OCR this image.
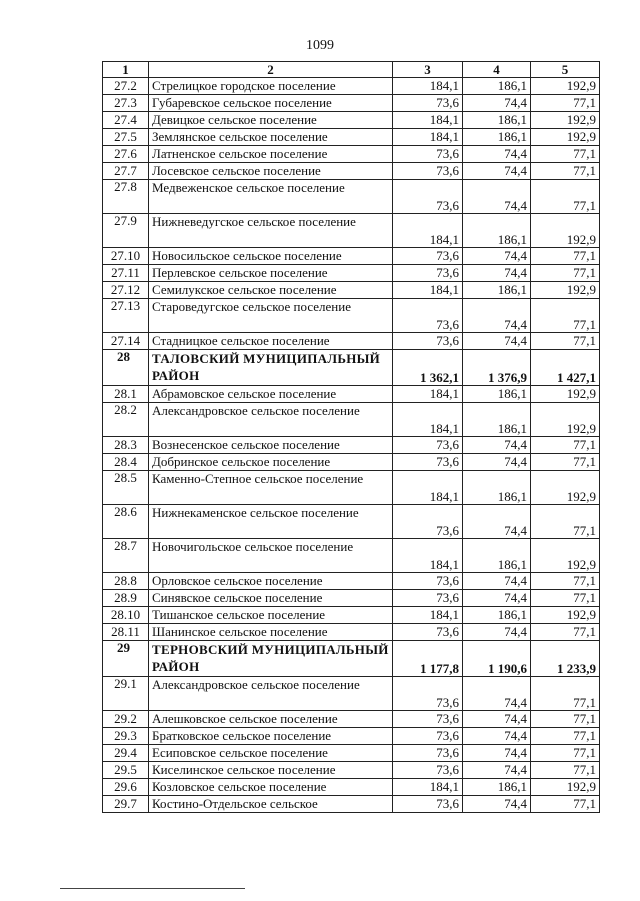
1099
1	2	3	4	5
27.2	Стрелицкое городское поселение	184,1	186,1	192,9
27.3	Губаревское сельское поселение	73,6	74,4	77,1
27.4	Девицкое сельское поселение	184,1	186,1	192,9
27.5	Землянское сельское поселение	184,1	186,1	192,9
27.6	Латненское сельское поселение	73,6	74,4	77,1
27.7	Лосевское сельское поселение	73,6	74,4	77,1
27.8	Медвеженское сельское поселение	73,6	74,4	77,1
27.9	Нижневедугское сельское поселение	184,1	186,1	192,9
27.10	Новосильское сельское поселение	73,6	74,4	77,1
27.11	Перлевское сельское поселение	73,6	74,4	77,1
27.12	Семилукское сельское поселение	184,1	186,1	192,9
27.13	Староведугское сельское поселение	73,6	74,4	77,1
27.14	Стадницкое сельское поселение	73,6	74,4	77,1
28	ТАЛОВСКИЙ МУНИЦИПАЛЬНЫЙ РАЙОН	1 362,1	1 376,9	1 427,1
28.1	Абрамовское сельское поселение	184,1	186,1	192,9
28.2	Александровское сельское поселение	184,1	186,1	192,9
28.3	Вознесенское сельское поселение	73,6	74,4	77,1
28.4	Добринское сельское поселение	73,6	74,4	77,1
28.5	Каменно-Степное сельское поселение	184,1	186,1	192,9
28.6	Нижнекаменское сельское поселение	73,6	74,4	77,1
28.7	Новочигольское сельское поселение	184,1	186,1	192,9
28.8	Орловское сельское поселение	73,6	74,4	77,1
28.9	Синявское сельское поселение	73,6	74,4	77,1
28.10	Тишанское сельское поселение	184,1	186,1	192,9
28.11	Шанинское сельское поселение	73,6	74,4	77,1
29	ТЕРНОВСКИЙ МУНИЦИПАЛЬНЫЙ РАЙОН	1 177,8	1 190,6	1 233,9
29.1	Александровское сельское поселение	73,6	74,4	77,1
29.2	Алешковское сельское поселение	73,6	74,4	77,1
29.3	Братковское сельское поселение	73,6	74,4	77,1
29.4	Есиповское сельское поселение	73,6	74,4	77,1
29.5	Киселинское сельское поселение	73,6	74,4	77,1
29.6	Козловское сельское поселение	184,1	186,1	192,9
29.7	Костино-Отдельское сельское	73,6	74,4	77,1
